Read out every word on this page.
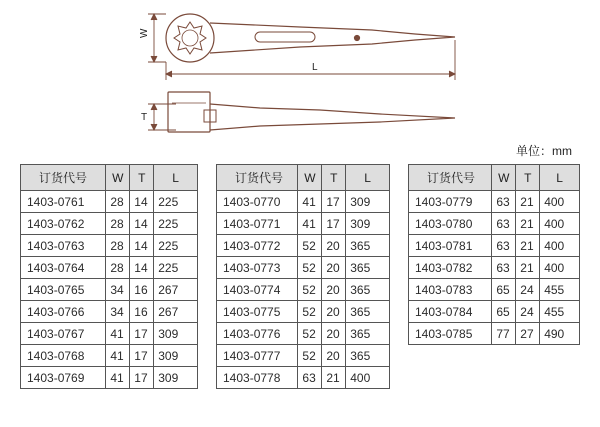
W
L
T
单位：mm
订货代号	W	T	L
1403-0761	28	14	225
1403-0762	28	14	225
1403-0763	28	14	225
1403-0764	28	14	225
1403-0765	34	16	267
1403-0766	34	16	267
1403-0767	41	17	309
1403-0768	41	17	309
1403-0769	41	17	309
订货代号	W	T	L
1403-0770	41	17	309
1403-0771	41	17	309
1403-0772	52	20	365
1403-0773	52	20	365
1403-0774	52	20	365
1403-0775	52	20	365
1403-0776	52	20	365
1403-0777	52	20	365
1403-0778	63	21	400
订货代号	W	T	L
1403-0779	63	21	400
1403-0780	63	21	400
1403-0781	63	21	400
1403-0782	63	21	400
1403-0783	65	24	455
1403-0784	65	24	455
1403-0785	77	27	490
